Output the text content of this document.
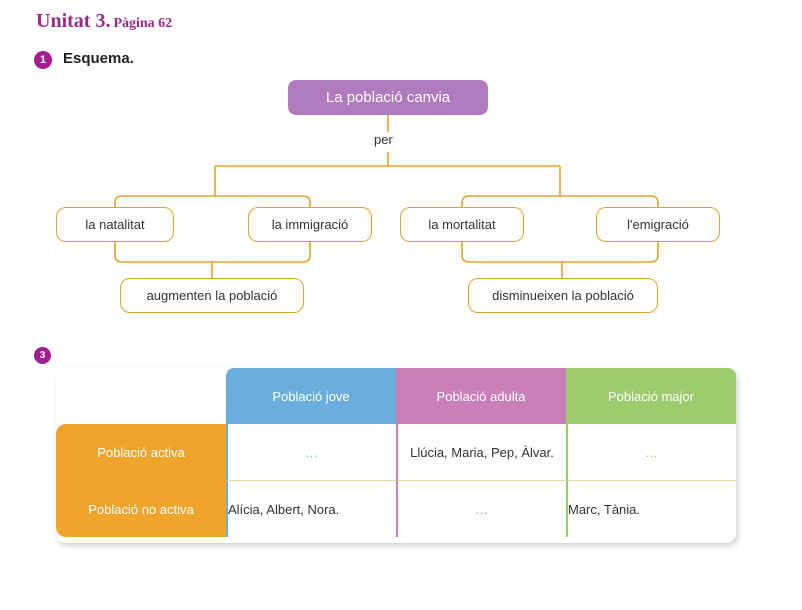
Unitat 3. Pàgina 62
1	Esquema.
La població canvia
per
la natalitat	la immigració	la mortalitat	l'emigració
augmenten la població	disminueixen la població
3
	Població jove	Població adulta	Població major
Població activa	…	Llúcia, Maria, Pep, Àlvar.	…
Població no activa	Alícia, Albert, Nora.	…	Marc, Tània.
